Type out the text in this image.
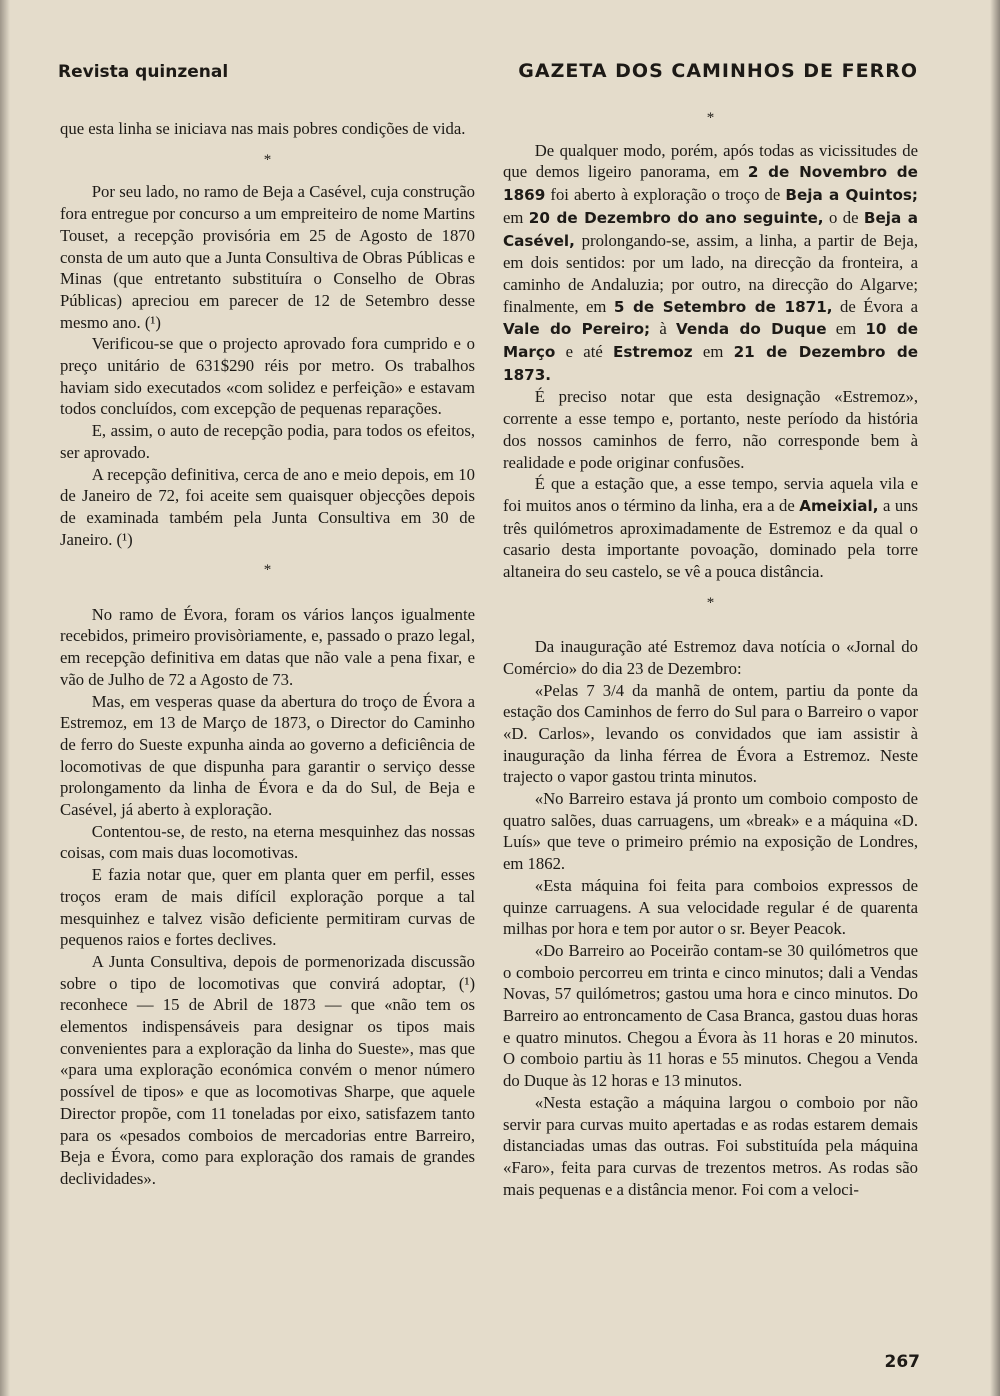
Revista quinzenal	GAZETA DOS CAMINHOS DE FERRO

que esta linha se iniciava nas mais pobres condições de vida.

*

Por seu lado, no ramo de Beja a Casével, cuja construção fora entregue por concurso a um empreiteiro de nome Martins Touset, a recepção provisória em 25 de Agosto de 1870 consta de um auto que a Junta Consultiva de Obras Públicas e Minas (que entretanto substituíra o Conselho de Obras Públicas) apreciou em parecer de 12 de Setembro desse mesmo ano. (¹)

Verificou-se que o projecto aprovado fora cumprido e o preço unitário de 631$290 réis por metro. Os trabalhos haviam sido executados «com solidez e perfeição» e estavam todos concluídos, com excepção de pequenas reparações.

E, assim, o auto de recepção podia, para todos os efeitos, ser aprovado.

A recepção definitiva, cerca de ano e meio depois, em 10 de Janeiro de 72, foi aceite sem quaisquer objecções depois de examinada também pela Junta Consultiva em 30 de Janeiro. (¹)

*

No ramo de Évora, foram os vários lanços igualmente recebidos, primeiro provisòriamente, e, passado o prazo legal, em recepção definitiva em datas que não vale a pena fixar, e vão de Julho de 72 a Agosto de 73.

Mas, em vesperas quase da abertura do troço de Évora a Estremoz, em 13 de Março de 1873, o Director do Caminho de ferro do Sueste expunha ainda ao governo a deficiência de locomotivas de que dispunha para garantir o serviço desse prolongamento da linha de Évora e da do Sul, de Beja e Casével, já aberto à exploração.

Contentou-se, de resto, na eterna mesquinhez das nossas coisas, com mais duas locomotivas.

E fazia notar que, quer em planta quer em perfil, esses troços eram de mais difícil exploração porque a tal mesquinhez e talvez visão deficiente permitiram curvas de pequenos raios e fortes declives.

A Junta Consultiva, depois de pormenorizada discussão sobre o tipo de locomotivas que convirá adoptar, (¹) reconhece — 15 de Abril de 1873 — que «não tem os elementos indispensáveis para designar os tipos mais convenientes para a exploração da linha do Sueste», mas que «para uma exploração económica convém o menor número possível de tipos» e que as locomotivas Sharpe, que aquele Director propõe, com 11 toneladas por eixo, satisfazem tanto para os «pesados comboios de mercadorias entre Barreiro, Beja e Évora, como para exploração dos ramais de grandes declividades».

*

De qualquer modo, porém, após todas as vicissitudes de que demos ligeiro panorama, em 2 de Novembro de 1869 foi aberto à exploração o troço de Beja a Quintos; em 20 de Dezembro do ano seguinte, o de Beja a Casével, prolongando-se, assim, a linha, a partir de Beja, em dois sentidos: por um lado, na direcção da fronteira, a caminho de Andaluzia; por outro, na direcção do Algarve; finalmente, em 5 de Setembro de 1871, de Évora a Vale do Pereiro; à Venda do Duque em 10 de Março e até Estremoz em 21 de Dezembro de 1873.

É preciso notar que esta designação «Estremoz», corrente a esse tempo e, portanto, neste período da história dos nossos caminhos de ferro, não corresponde bem à realidade e pode originar confusões.

É que a estação que, a esse tempo, servia aquela vila e foi muitos anos o término da linha, era a de Ameixial, a uns três quilómetros aproximadamente de Estremoz e da qual o casario desta importante povoação, dominado pela torre altaneira do seu castelo, se vê a pouca distância.

*

Da inauguração até Estremoz dava notícia o «Jornal do Comércio» do dia 23 de Dezembro:

«Pelas 7 3/4 da manhã de ontem, partiu da ponte da estação dos Caminhos de ferro do Sul para o Barreiro o vapor «D. Carlos», levando os convidados que iam assistir à inauguração da linha férrea de Évora a Estremoz. Neste trajecto o vapor gastou trinta minutos.

«No Barreiro estava já pronto um comboio composto de quatro salões, duas carruagens, um «break» e a máquina «D. Luís» que teve o primeiro prémio na exposição de Londres, em 1862.

«Esta máquina foi feita para comboios expressos de quinze carruagens. A sua velocidade regular é de quarenta milhas por hora e tem por autor o sr. Beyer Peacok.

«Do Barreiro ao Poceirão contam-se 30 quilómetros que o comboio percorreu em trinta e cinco minutos; dali a Vendas Novas, 57 quilómetros; gastou uma hora e cinco minutos. Do Barreiro ao entroncamento de Casa Branca, gastou duas horas e quatro minutos. Chegou a Évora às 11 horas e 20 minutos. O comboio partiu às 11 horas e 55 minutos. Chegou a Venda do Duque às 12 horas e 13 minutos.

«Nesta estação a máquina largou o comboio por não servir para curvas muito apertadas e as rodas estarem demais distanciadas umas das outras. Foi substituída pela máquina «Faro», feita para curvas de trezentos metros. As rodas são mais pequenas e a distância menor. Foi com a veloci-

267
